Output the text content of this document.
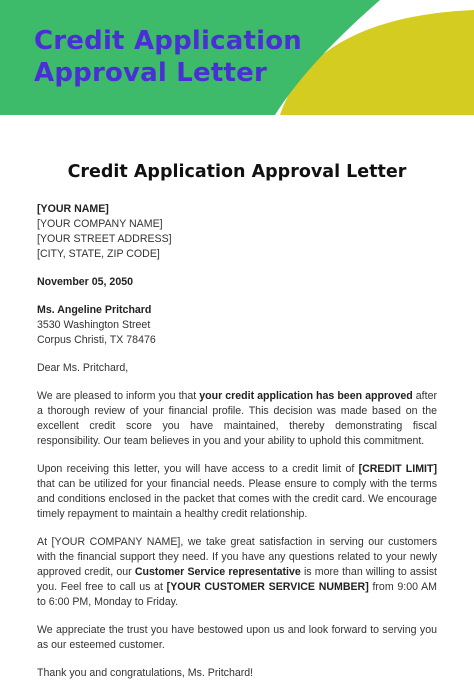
Credit Application
Approval Letter
Credit Application Approval Letter
[YOUR NAME]
[YOUR COMPANY NAME]
[YOUR STREET ADDRESS]
[CITY, STATE, ZIP CODE]
November 05, 2050
Ms. Angeline Pritchard
3530 Washington Street
Corpus Christi, TX 78476

Dear Ms. Pritchard,

We are pleased to inform you that your credit application has been approved after a thorough review of your financial profile. This decision was made based on the excellent credit score you have maintained, thereby demonstrating fiscal responsibility. Our team believes in you and your ability to uphold this commitment.

Upon receiving this letter, you will have access to a credit limit of [CREDIT LIMIT] that can be utilized for your financial needs. Please ensure to comply with the terms and conditions enclosed in the packet that comes with the credit card. We encourage timely repayment to maintain a healthy credit relationship.

At [YOUR COMPANY NAME], we take great satisfaction in serving our customers with the financial support they need. If you have any questions related to your newly approved credit, our Customer Service representative is more than willing to assist you. Feel free to call us at [YOUR CUSTOMER SERVICE NUMBER] from 9:00 AM to 6:00 PM, Monday to Friday.

We appreciate the trust you have bestowed upon us and look forward to serving you as our esteemed customer.

Thank you and congratulations, Ms. Pritchard!
